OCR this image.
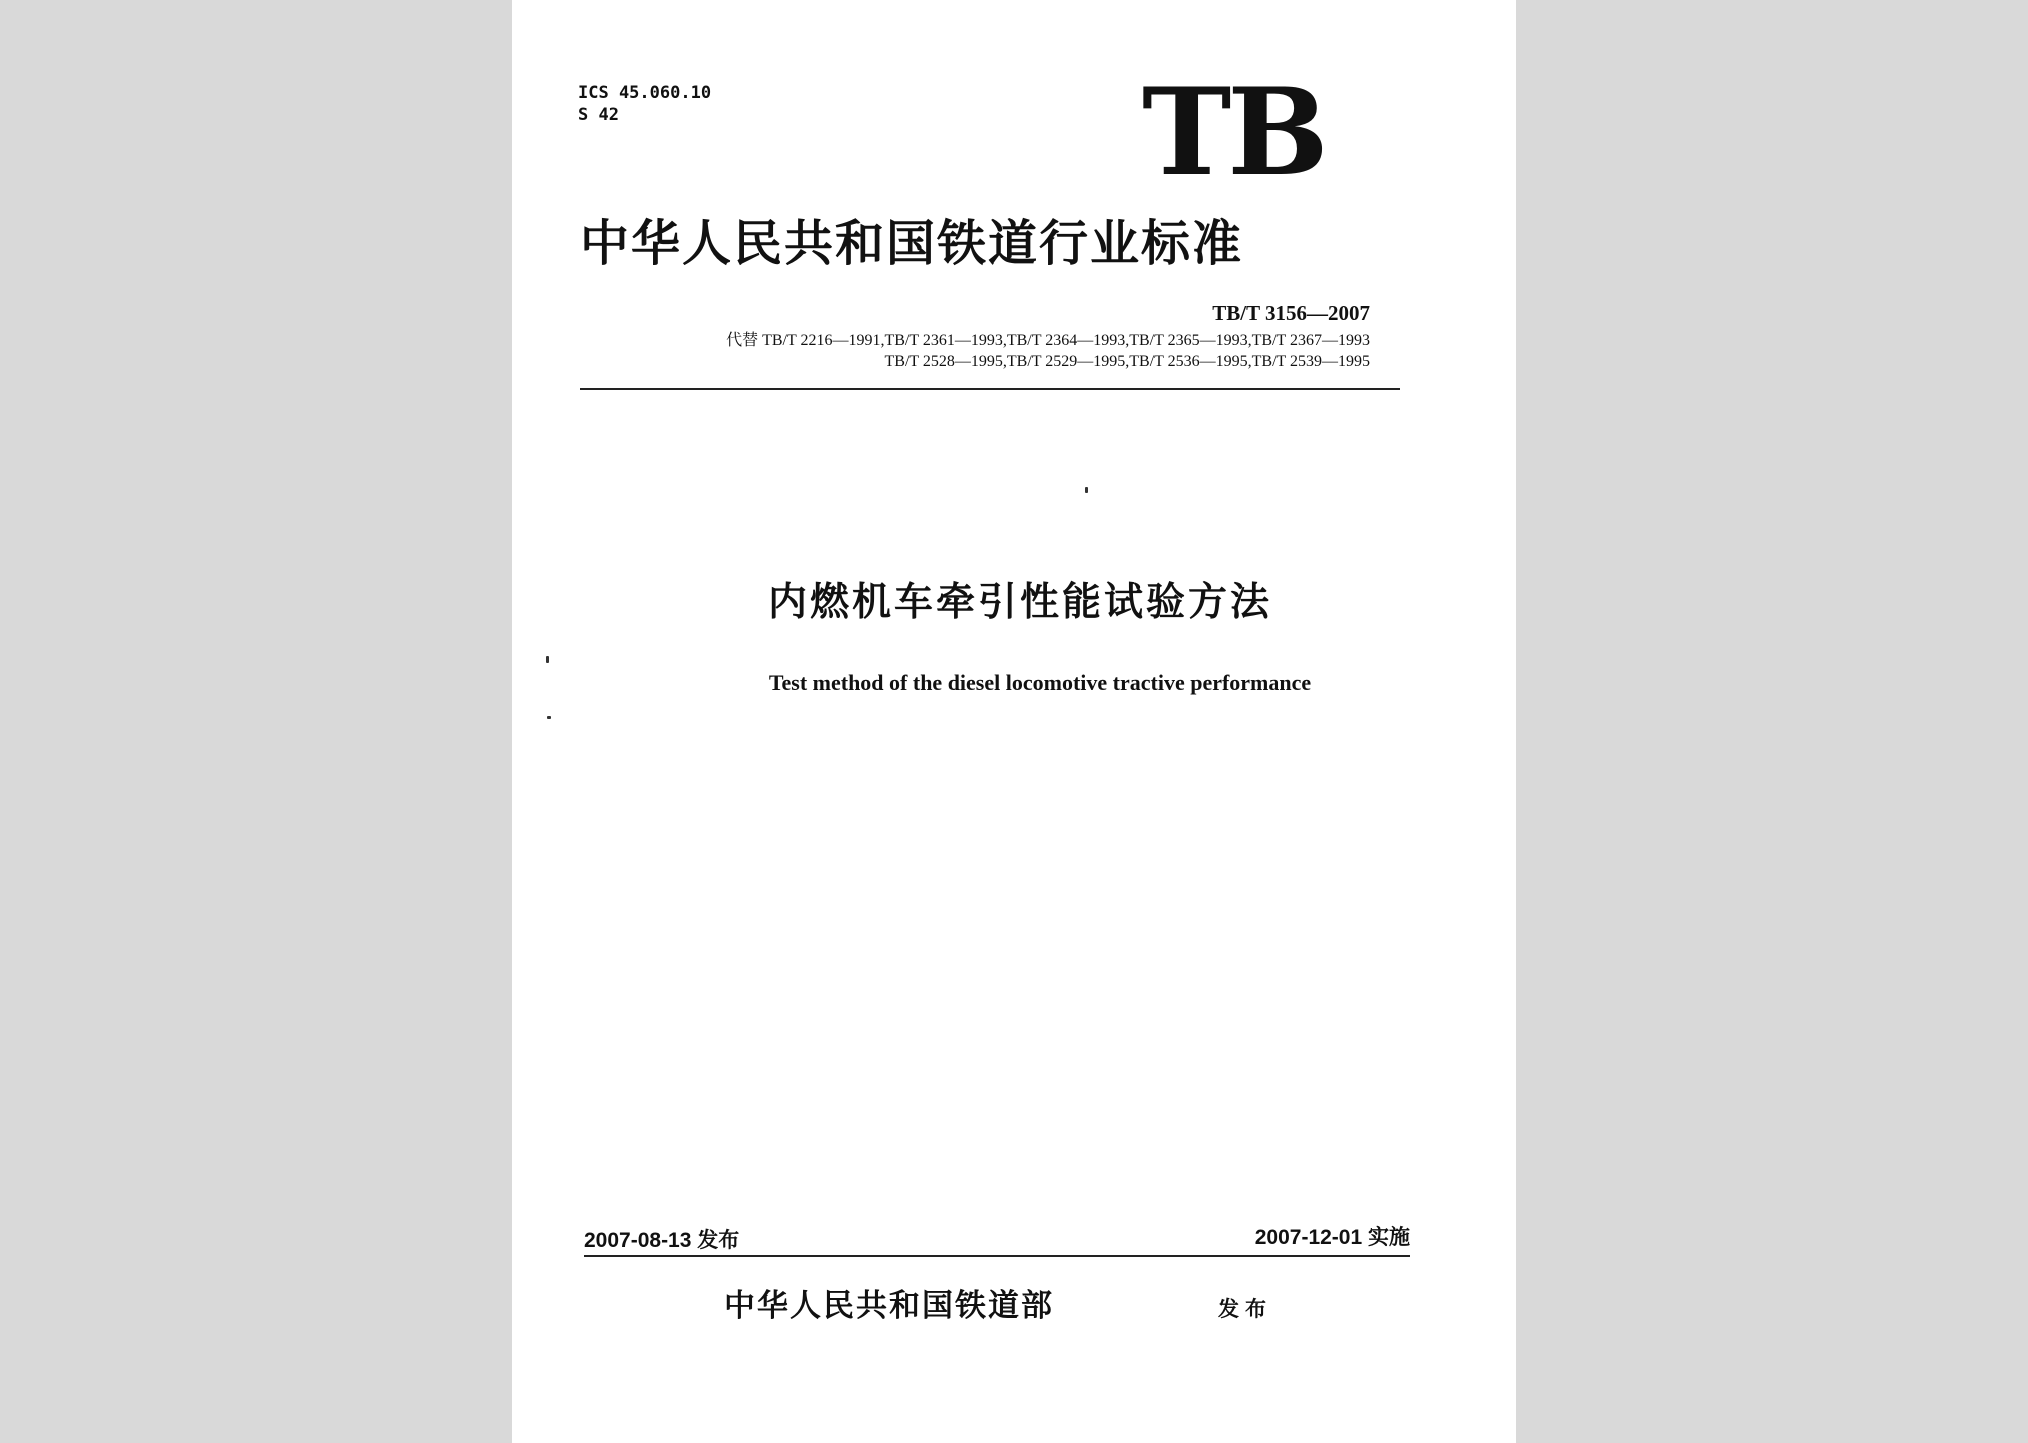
ICS 45.060.10
S 42	TB
中华人民共和国铁道行业标准
TB/T 3156—2007
代替 TB/T 2216—1991,TB/T 2361—1993,TB/T 2364—1993,TB/T 2365—1993,TB/T 2367—1993
TB/T 2528—1995,TB/T 2529—1995,TB/T 2536—1995,TB/T 2539—1995
内燃机车牵引性能试验方法
Test method of the diesel locomotive tractive performance
2007-08-13 发布	2007-12-01 实施
中华人民共和国铁道部	发布
